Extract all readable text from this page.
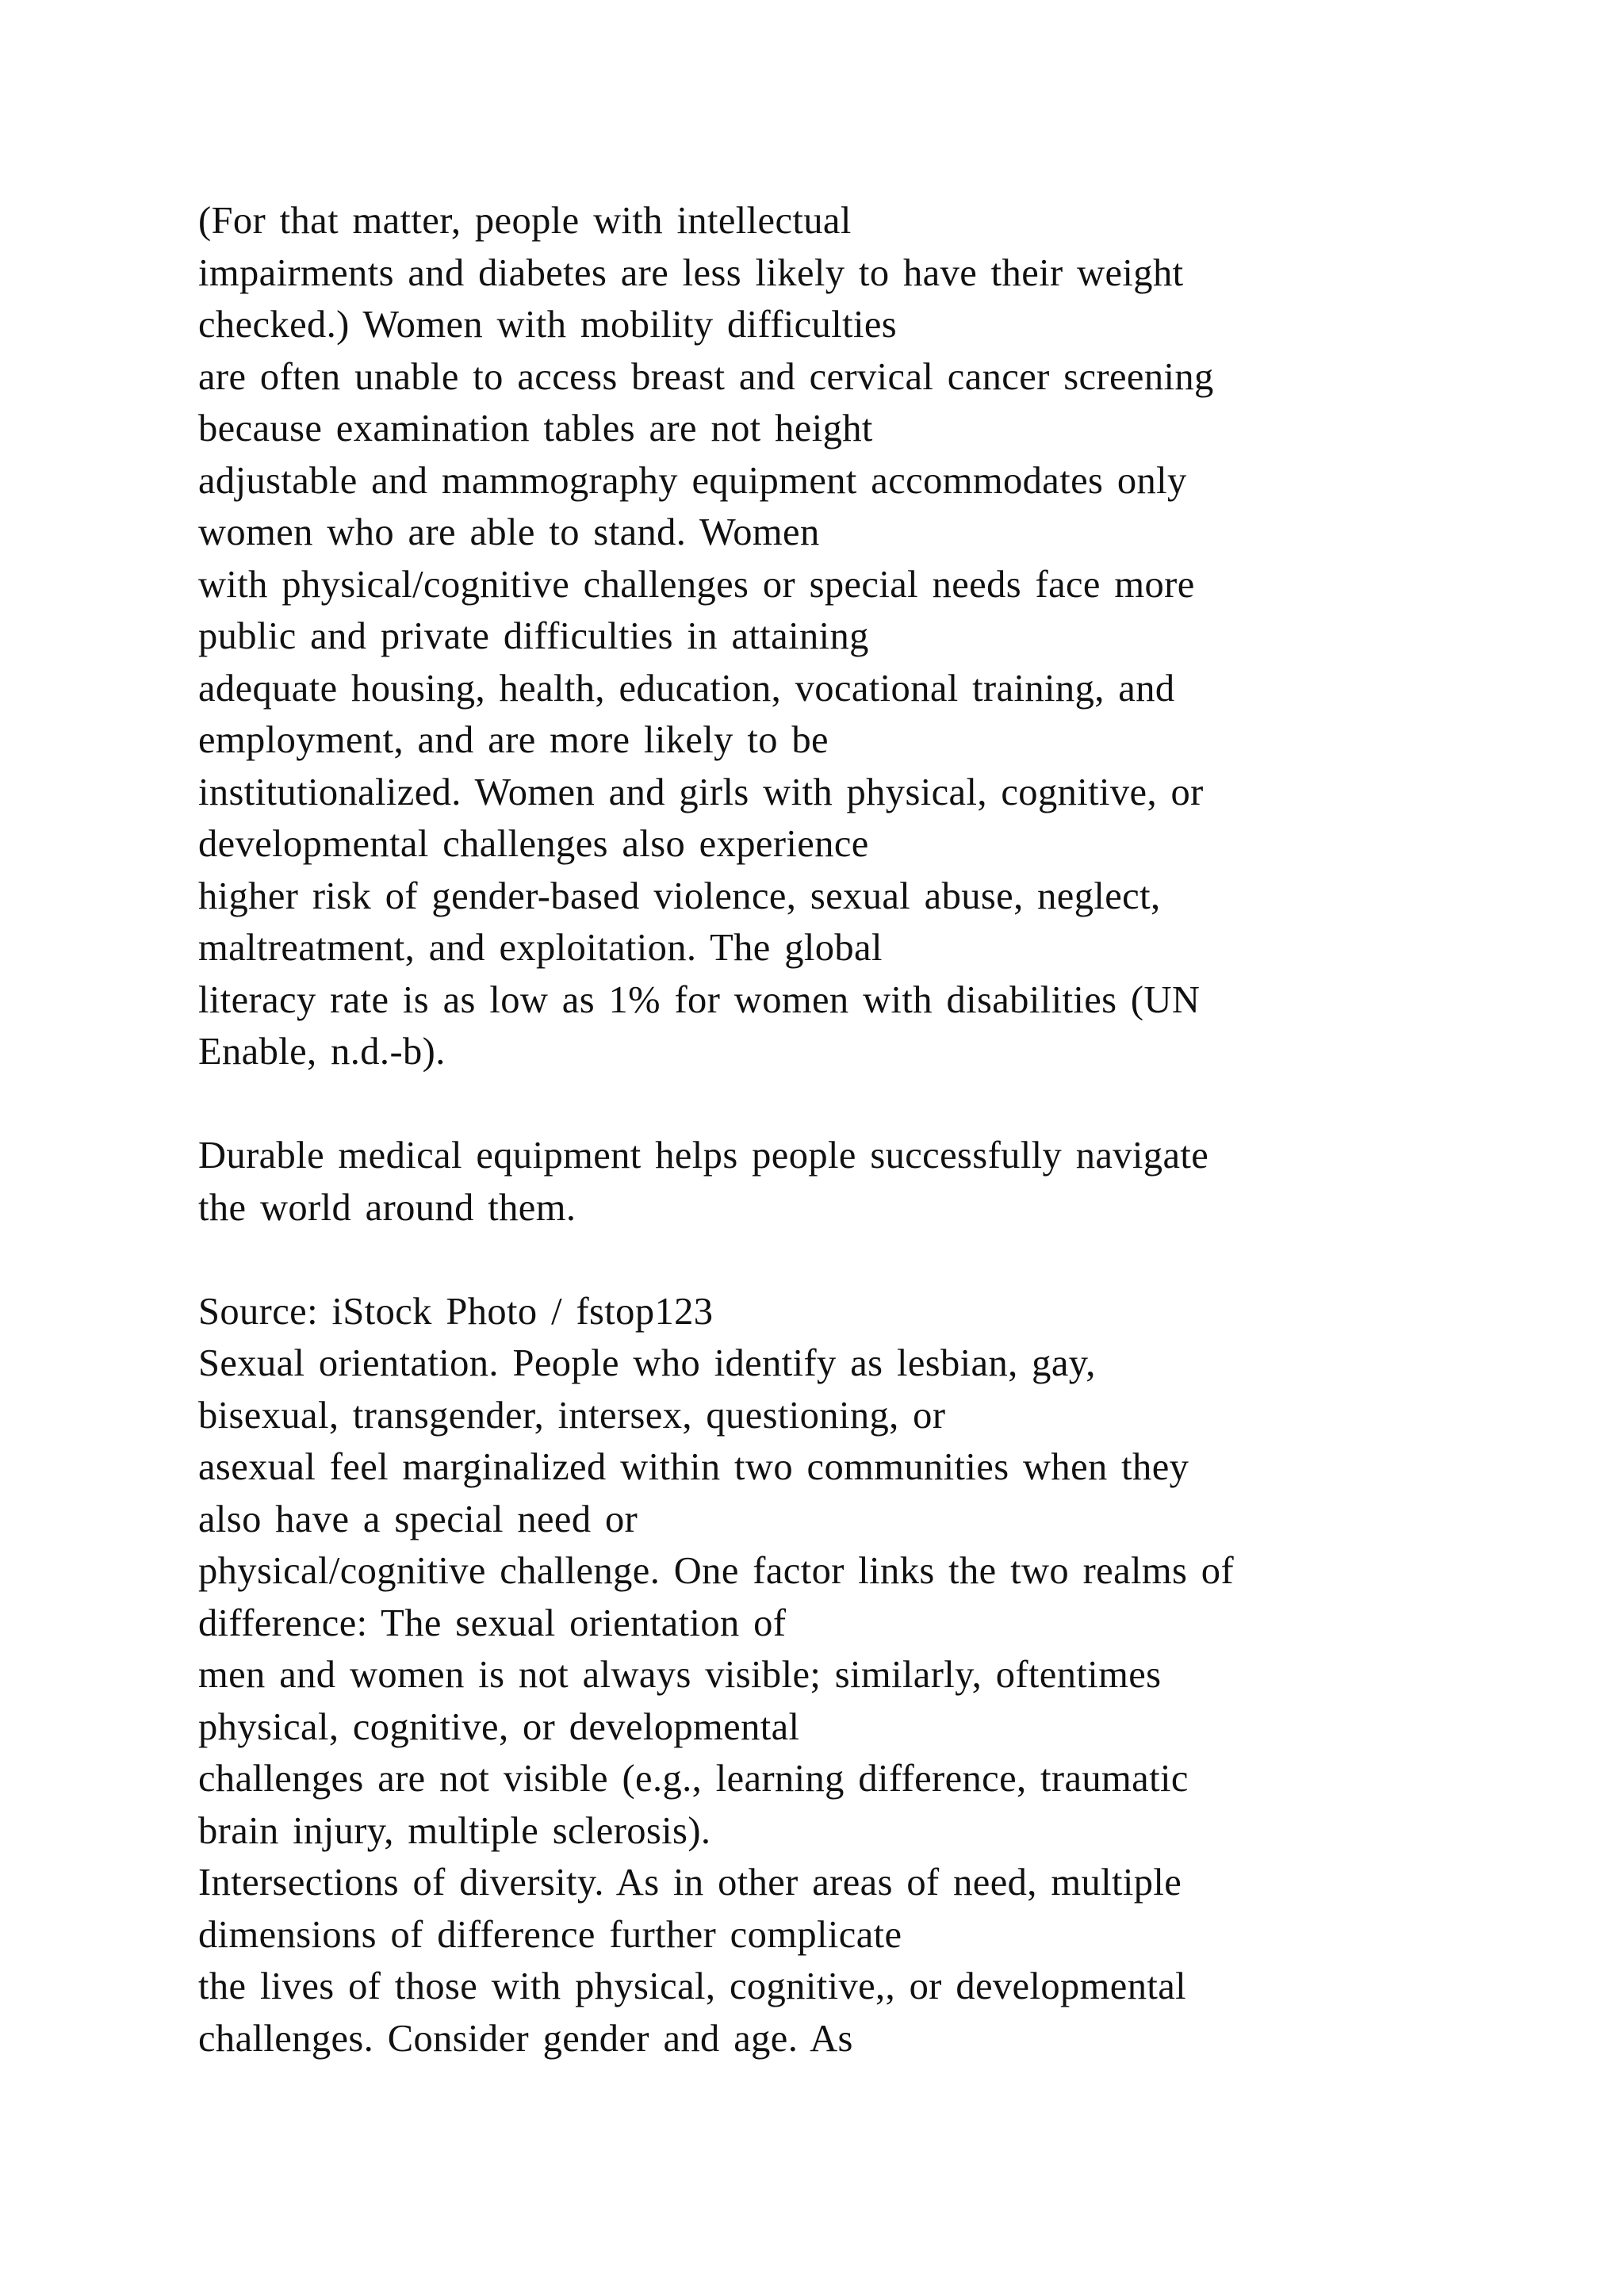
(For that matter, people with intellectual
impairments and diabetes are less likely to have their weight
checked.) Women with mobility difficulties
are often unable to access breast and cervical cancer screening
because examination tables are not height
adjustable and mammography equipment accommodates only
women who are able to stand. Women
with physical/cognitive challenges or special needs face more
public and private difficulties in attaining
adequate housing, health, education, vocational training, and
employment, and are more likely to be
institutionalized. Women and girls with physical, cognitive, or
developmental challenges also experience
higher risk of gender-based violence, sexual abuse, neglect,
maltreatment, and exploitation. The global
literacy rate is as low as 1% for women with disabilities (UN
Enable, n.d.-b).
Durable medical equipment helps people successfully navigate
the world around them.
Source: iStock Photo / fstop123
Sexual orientation. People who identify as lesbian, gay,
bisexual, transgender, intersex, questioning, or
asexual feel marginalized within two communities when they
also have a special need or
physical/cognitive challenge. One factor links the two realms of
difference: The sexual orientation of
men and women is not always visible; similarly, oftentimes
physical, cognitive, or developmental
challenges are not visible (e.g., learning difference, traumatic
brain injury, multiple sclerosis).
Intersections of diversity. As in other areas of need, multiple
dimensions of difference further complicate
the lives of those with physical, cognitive,, or developmental
challenges. Consider gender and age. As
